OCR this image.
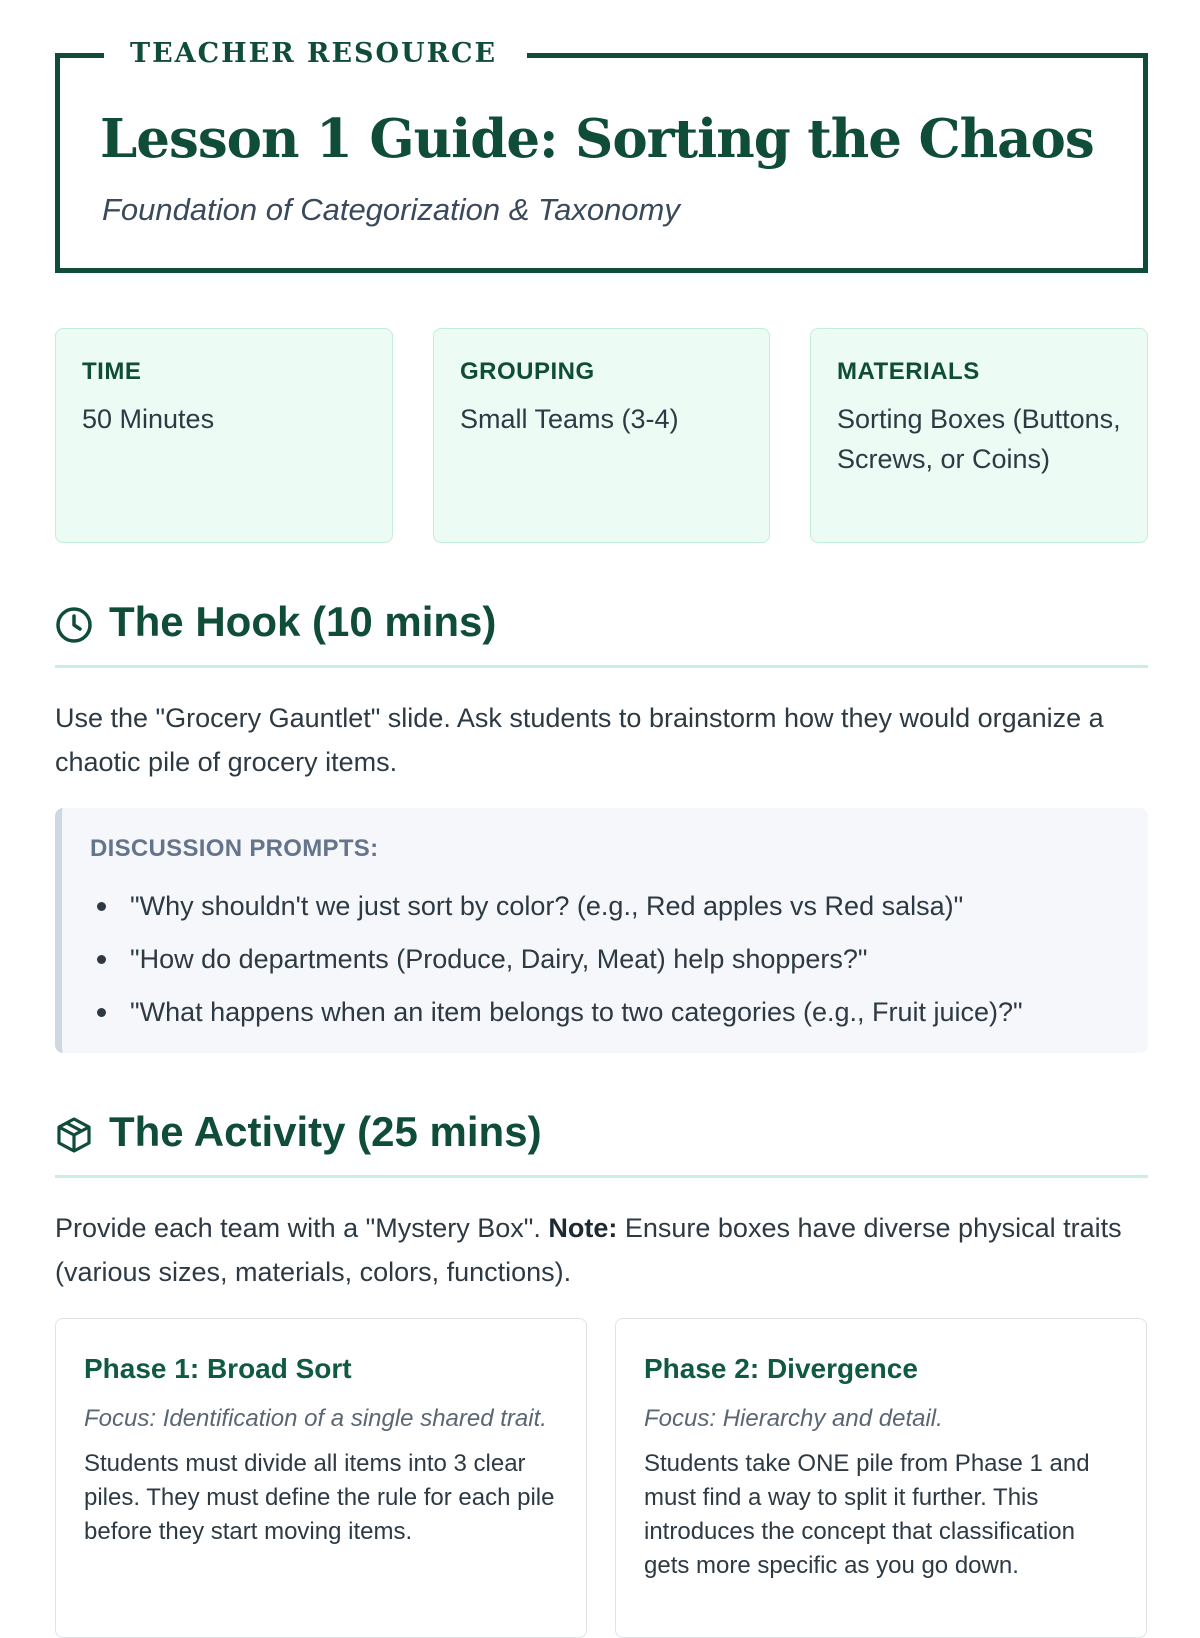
TEACHER RESOURCE
Lesson 1 Guide: Sorting the Chaos

Foundation of Categorization & Taxonomy

TIME
50 Minutes
GROUPING
Small Teams (3-4)
MATERIALS
Sorting Boxes (Buttons, Screws, or Coins)
The Hook (10 mins)

Use the "Grocery Gauntlet" slide. Ask students to brainstorm how they would organize a chaotic pile of grocery items.

DISCUSSION PROMPTS:
"Why shouldn't we just sort by color? (e.g., Red apples vs Red salsa)"
"How do departments (Produce, Dairy, Meat) help shoppers?"
"What happens when an item belongs to two categories (e.g., Fruit juice)?"
The Activity (25 mins)

Provide each team with a "Mystery Box". Note: Ensure boxes have diverse physical traits (various sizes, materials, colors, functions).

Phase 1: Broad Sort

Focus: Identification of a single shared trait.

Students must divide all items into 3 clear piles. They must define the rule for each pile before they start moving items.

Phase 2: Divergence

Focus: Hierarchy and detail.

Students take ONE pile from Phase 1 and must find a way to split it further. This introduces the concept that classification gets more specific as you go down.
